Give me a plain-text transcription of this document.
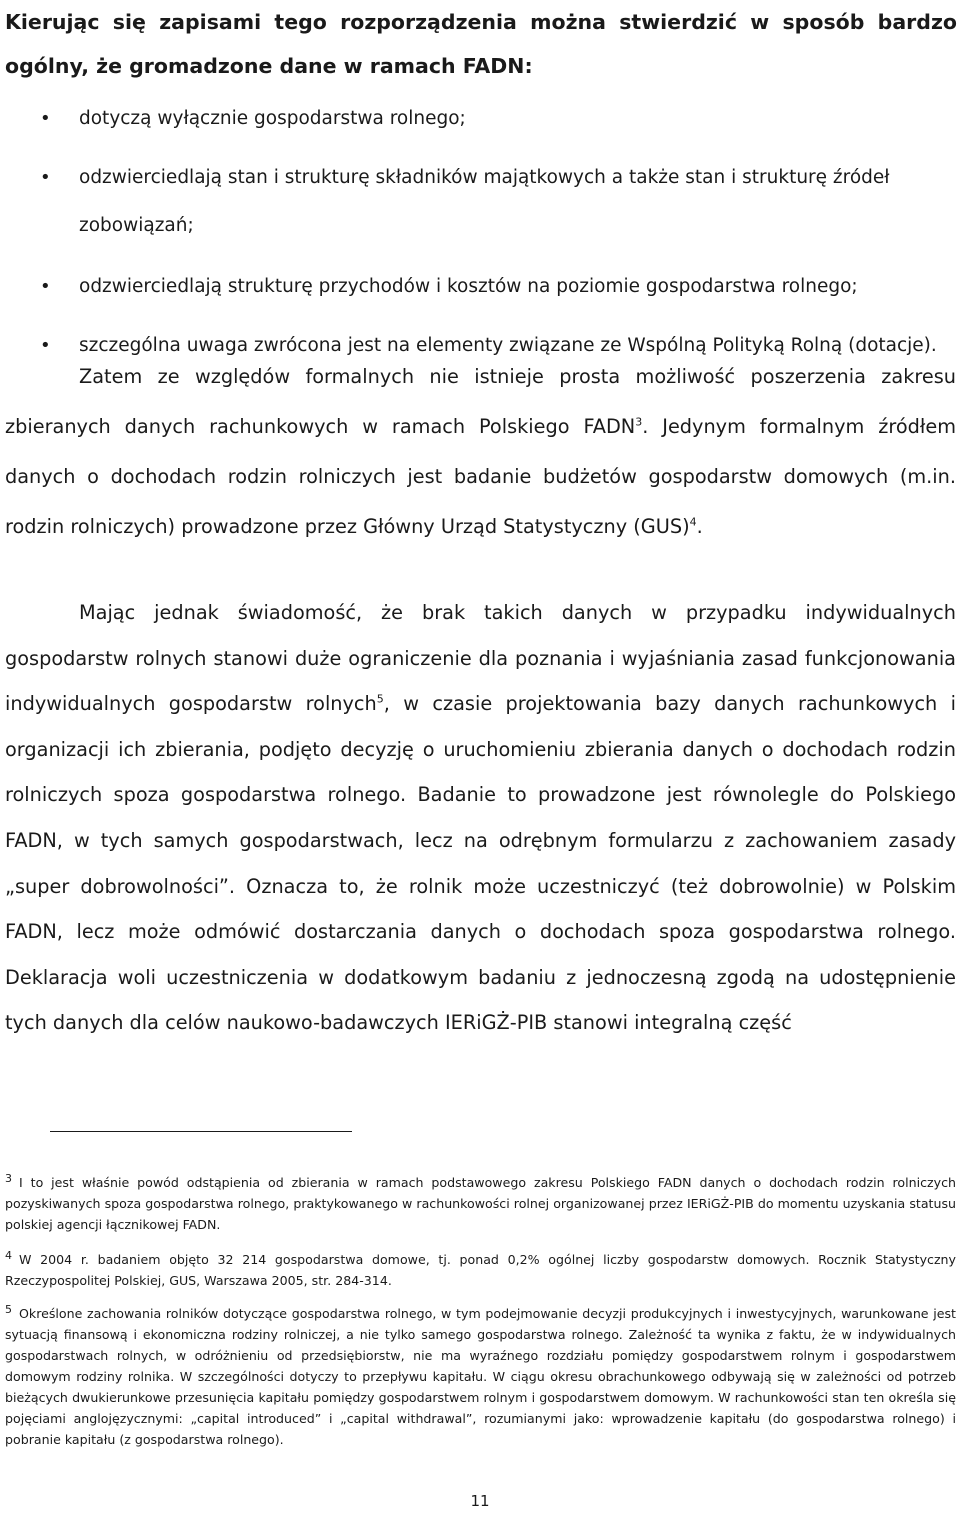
Kierując się zapisami tego rozporządzenia można stwierdzić w sposób bardzo ogólny, że gromadzone dane w ramach FADN:
• dotyczą wyłącznie gospodarstwa rolnego;
• odzwierciedlają stan i strukturę składników majątkowych a także stan i strukturę źródeł zobowiązań;
• odzwierciedlają strukturę przychodów i kosztów na poziomie gospodarstwa rolnego;
• szczególna uwaga zwrócona jest na elementy związane ze Wspólną Polityką Rolną (dotacje).

Zatem ze względów formalnych nie istnieje prosta możliwość poszerzenia zakresu zbieranych danych rachunkowych w ramach Polskiego FADN$^3$. Jedynym formalnym źródłem danych o dochodach rodzin rolniczych jest badanie budżetów gospodarstw domowych (m.in. rodzin rolniczych) prowadzone przez Główny Urząd Statystyczny (GUS)$^4$.

Mając jednak świadomość, że brak takich danych w przypadku indywidualnych gospodarstw rolnych stanowi duże ograniczenie dla poznania i wyjaśniania zasad funkcjonowania indywidualnych gospodarstw rolnych$^5$, w czasie projektowania bazy danych rachunkowych i organizacji ich zbierania, podjęto decyzję o uruchomieniu zbierania danych o dochodach rodzin rolniczych spoza gospodarstwa rolnego. Badanie to prowadzone jest równolegle do Polskiego FADN, w tych samych gospodarstwach, lecz na odrębnym formularzu z zachowaniem zasady „super dobrowolności”. Oznacza to, że rolnik może uczestniczyć (też dobrowolnie) w Polskim FADN, lecz może odmówić dostarczania danych o dochodach spoza gospodarstwa rolnego. Deklaracja woli uczestniczenia w dodatkowym badaniu z jednoczesną zgodą na udostępnienie tych danych dla celów naukowo-badawczych IERiGŻ-PIB stanowi integralną część

3 I to jest właśnie powód odstąpienia od zbierania w ramach podstawowego zakresu Polskiego FADN danych o dochodach rodzin rolniczych pozyskiwanych spoza gospodarstwa rolnego, praktykowanego w rachunkowości rolnej organizowanej przez IERiGŻ-PIB do momentu uzyskania statusu polskiej agencji łącznikowej FADN.

4 W 2004 r. badaniem objęto 32 214 gospodarstwa domowe, tj. ponad 0,2% ogólnej liczby gospodarstw domowych. Rocznik Statystyczny Rzeczypospolitej Polskiej, GUS, Warszawa 2005, str. 284-314.

5 Określone zachowania rolników dotyczące gospodarstwa rolnego, w tym podejmowanie decyzji produkcyjnych i inwestycyjnych, warunkowane jest sytuacją finansową i ekonomiczna rodziny rolniczej, a nie tylko samego gospodarstwa rolnego. Zależność ta wynika z faktu, że w indywidualnych gospodarstwach rolnych, w odróżnieniu od przedsiębiorstw, nie ma wyraźnego rozdziału pomiędzy gospodarstwem rolnym i gospodarstwem domowym rodziny rolnika. W szczególności dotyczy to przepływu kapitału. W ciągu okresu obrachunkowego odbywają się w zależności od potrzeb bieżących dwukierunkowe przesunięcia kapitału pomiędzy gospodarstwem rolnym i gospodarstwem domowym. W rachunkowości stan ten określa się pojęciami anglojęzycznymi: „capital introduced” i „capital withdrawal”, rozumianymi jako: wprowadzenie kapitału (do gospodarstwa rolnego) i pobranie kapitału (z gospodarstwa rolnego).

11
